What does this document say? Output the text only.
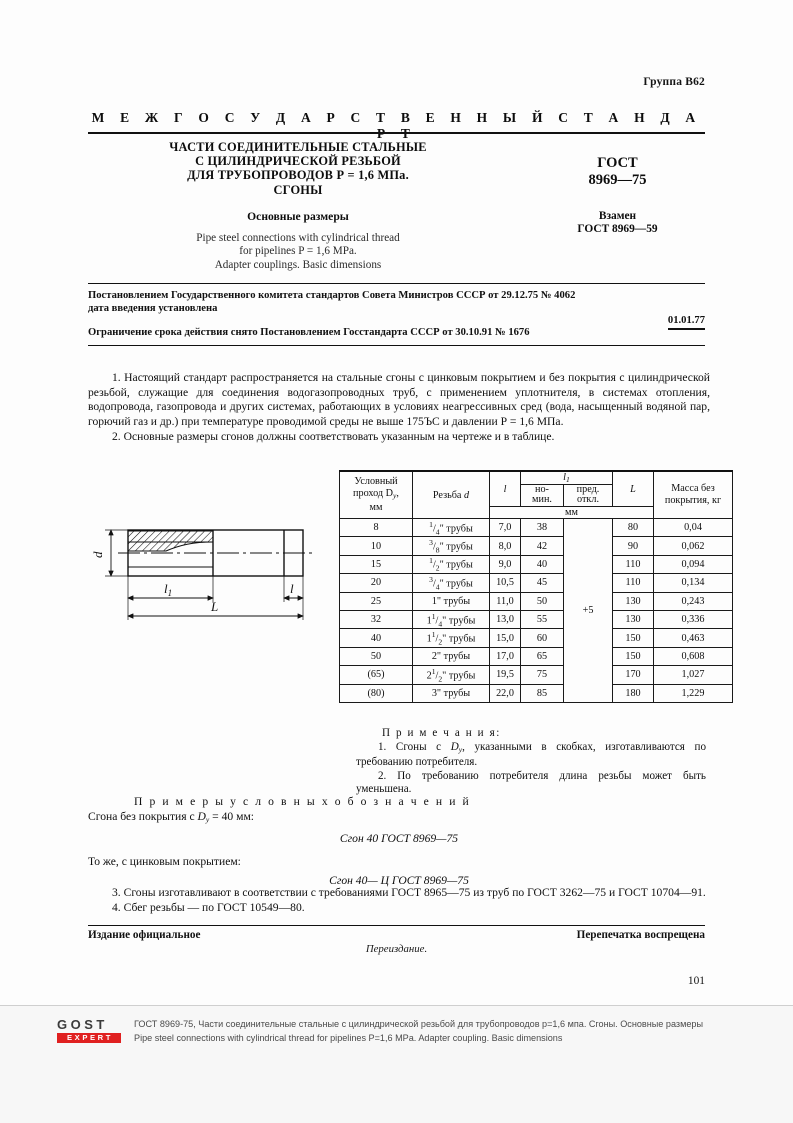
Группа В62
М Е Ж Г О С У Д А Р С Т В Е Н Н Ы Й С Т А Н Д А Р Т
ЧАСТИ СОЕДИНИТЕЛЬНЫЕ СТАЛЬНЫЕ
С ЦИЛИНДРИЧЕСКОЙ РЕЗЬБОЙ
ДЛЯ ТРУБОПРОВОДОВ Р = 1,6 МПа.
СГОНЫ
Основные размеры
Pipe steel connections with cylindrical thread
for pipelines P = 1,6 MPa.
Adapter couplings. Basic dimensions
ГОСТ
8969—75
Взамен
ГОСТ 8969—59
Постановлением Государственного комитета стандартов Совета Министров СССР от 29.12.75 № 4062
дата введения установлена
01.01.77
Ограничение срока действия снято Постановлением Госстандарта СССР от 30.10.91 № 1676

1. Настоящий стандарт распространяется на стальные сгоны с цинковым покрытием и без покрытия с цилиндрической резьбой, служащие для соединения водогазопроводных труб, с применением уплотнителя, в системах отопления, водопровода, газопровода и других системах, работающих в условиях неагрессивных сред (вода, насыщенный водяной пар, горючий газ и др.) при температуре проводимой среды не выше 175ЪС и давлении Р = 1,6 МПа.

2. Основные размеры сгонов должны соответствовать указанным на чертеже и в таблице.

d
$l_1$	l
L
Условный
проход Dy,
мм	Резьба d	l	l1		L	Масса без
покрытия, кг
			но-
мин.	пред.
откл.		
		мм				
8	$^1/_4$" трубы	7,0	38	+5	80	0,04
10	$^3/_8$" трубы	8,0	42		90	0,062
15	$^1/_2$" трубы	9,0	40		110	0,094
20	$^3/_4$" трубы	10,5	45		110	0,134
25	1" трубы	11,0	50		130	0,243
32	$1^1/_4$" трубы	13,0	55		130	0,336
40	$1^1/_2$" трубы	15,0	60		150	0,463
50	2" трубы	17,0	65		150	0,608
(65)	$2^1/_2$" трубы	19,5	75		170	1,027
(80)	3" трубы	22,0	85		180	1,229
П р и м е ч а н и я:

1. Сгоны с Dy, указанными в скобках, изготавливаются по требованию потребителя.

2. По требованию потребителя длина резьбы может быть уменьшена.

П р и м е р ы у с л о в н ы х о б о з н а ч е н и й
Сгона без покрытия с Dy = 40 мм:
Сгон 40 ГОСТ 8969—75
То же, с цинковым покрытием:
Сгон 40— Ц ГОСТ 8969—75

3. Сгоны изготавливают в соответствии с требованиями ГОСТ 8965—75 из труб по ГОСТ 3262—75 и ГОСТ 10704—91.

4. Сбег резьбы — по ГОСТ 10549—80.

Издание официальное	Перепечатка воспрещена
Переиздание.
101
GOST
EXPERT
ГОСТ 8969-75, Части соединительные стальные с цилиндрической резьбой для трубопроводов р=1,6 мпа. Сгоны. Основные размеры
Pipe steel connections with cylindrical thread for pipelines P=1,6 MPa. Adapter coupling. Basic dimensions
